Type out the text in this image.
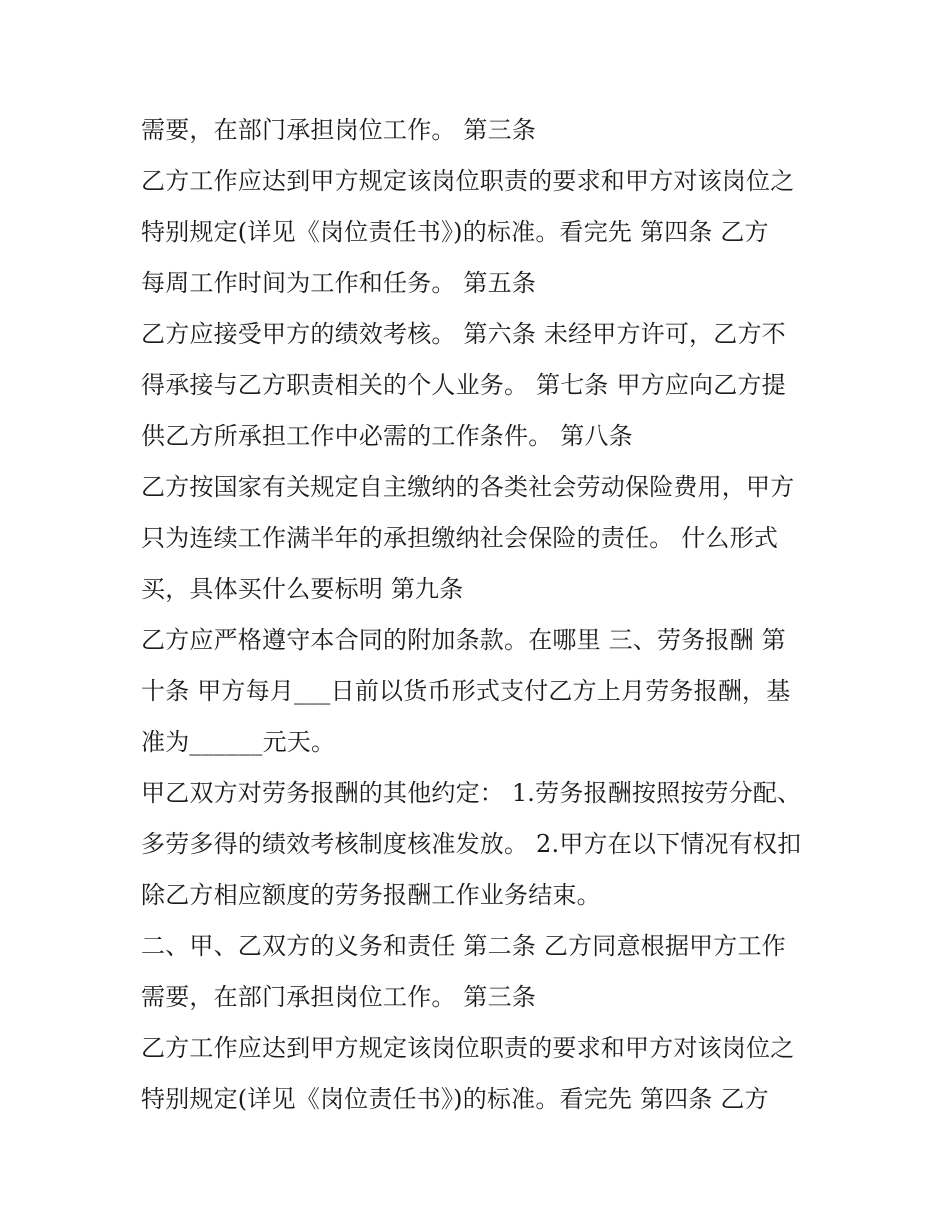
需要，在部门承担岗位工作。 第三条
乙方工作应达到甲方规定该岗位职责的要求和甲方对该岗位之
特别规定(详见《岗位责任书》)的标准。看完先 第四条 乙方
每周工作时间为工作和任务。 第五条
乙方应接受甲方的绩效考核。 第六条 未经甲方许可，乙方不
得承接与乙方职责相关的个人业务。 第七条 甲方应向乙方提
供乙方所承担工作中必需的工作条件。 第八条
乙方按国家有关规定自主缴纳的各类社会劳动保险费用，甲方
只为连续工作满半年的承担缴纳社会保险的责任。 什么形式
买，具体买什么要标明 第九条
乙方应严格遵守本合同的附加条款。在哪里 三、劳务报酬 第
十条 甲方每月___日前以货币形式支付乙方上月劳务报酬，基
准为______元天。
甲乙双方对劳务报酬的其他约定： 1.劳务报酬按照按劳分配、
多劳多得的绩效考核制度核准发放。 2.甲方在以下情况有权扣
除乙方相应额度的劳务报酬工作业务结束。
二、甲、乙双方的义务和责任 第二条 乙方同意根据甲方工作
需要，在部门承担岗位工作。 第三条
乙方工作应达到甲方规定该岗位职责的要求和甲方对该岗位之
特别规定(详见《岗位责任书》)的标准。看完先 第四条 乙方
